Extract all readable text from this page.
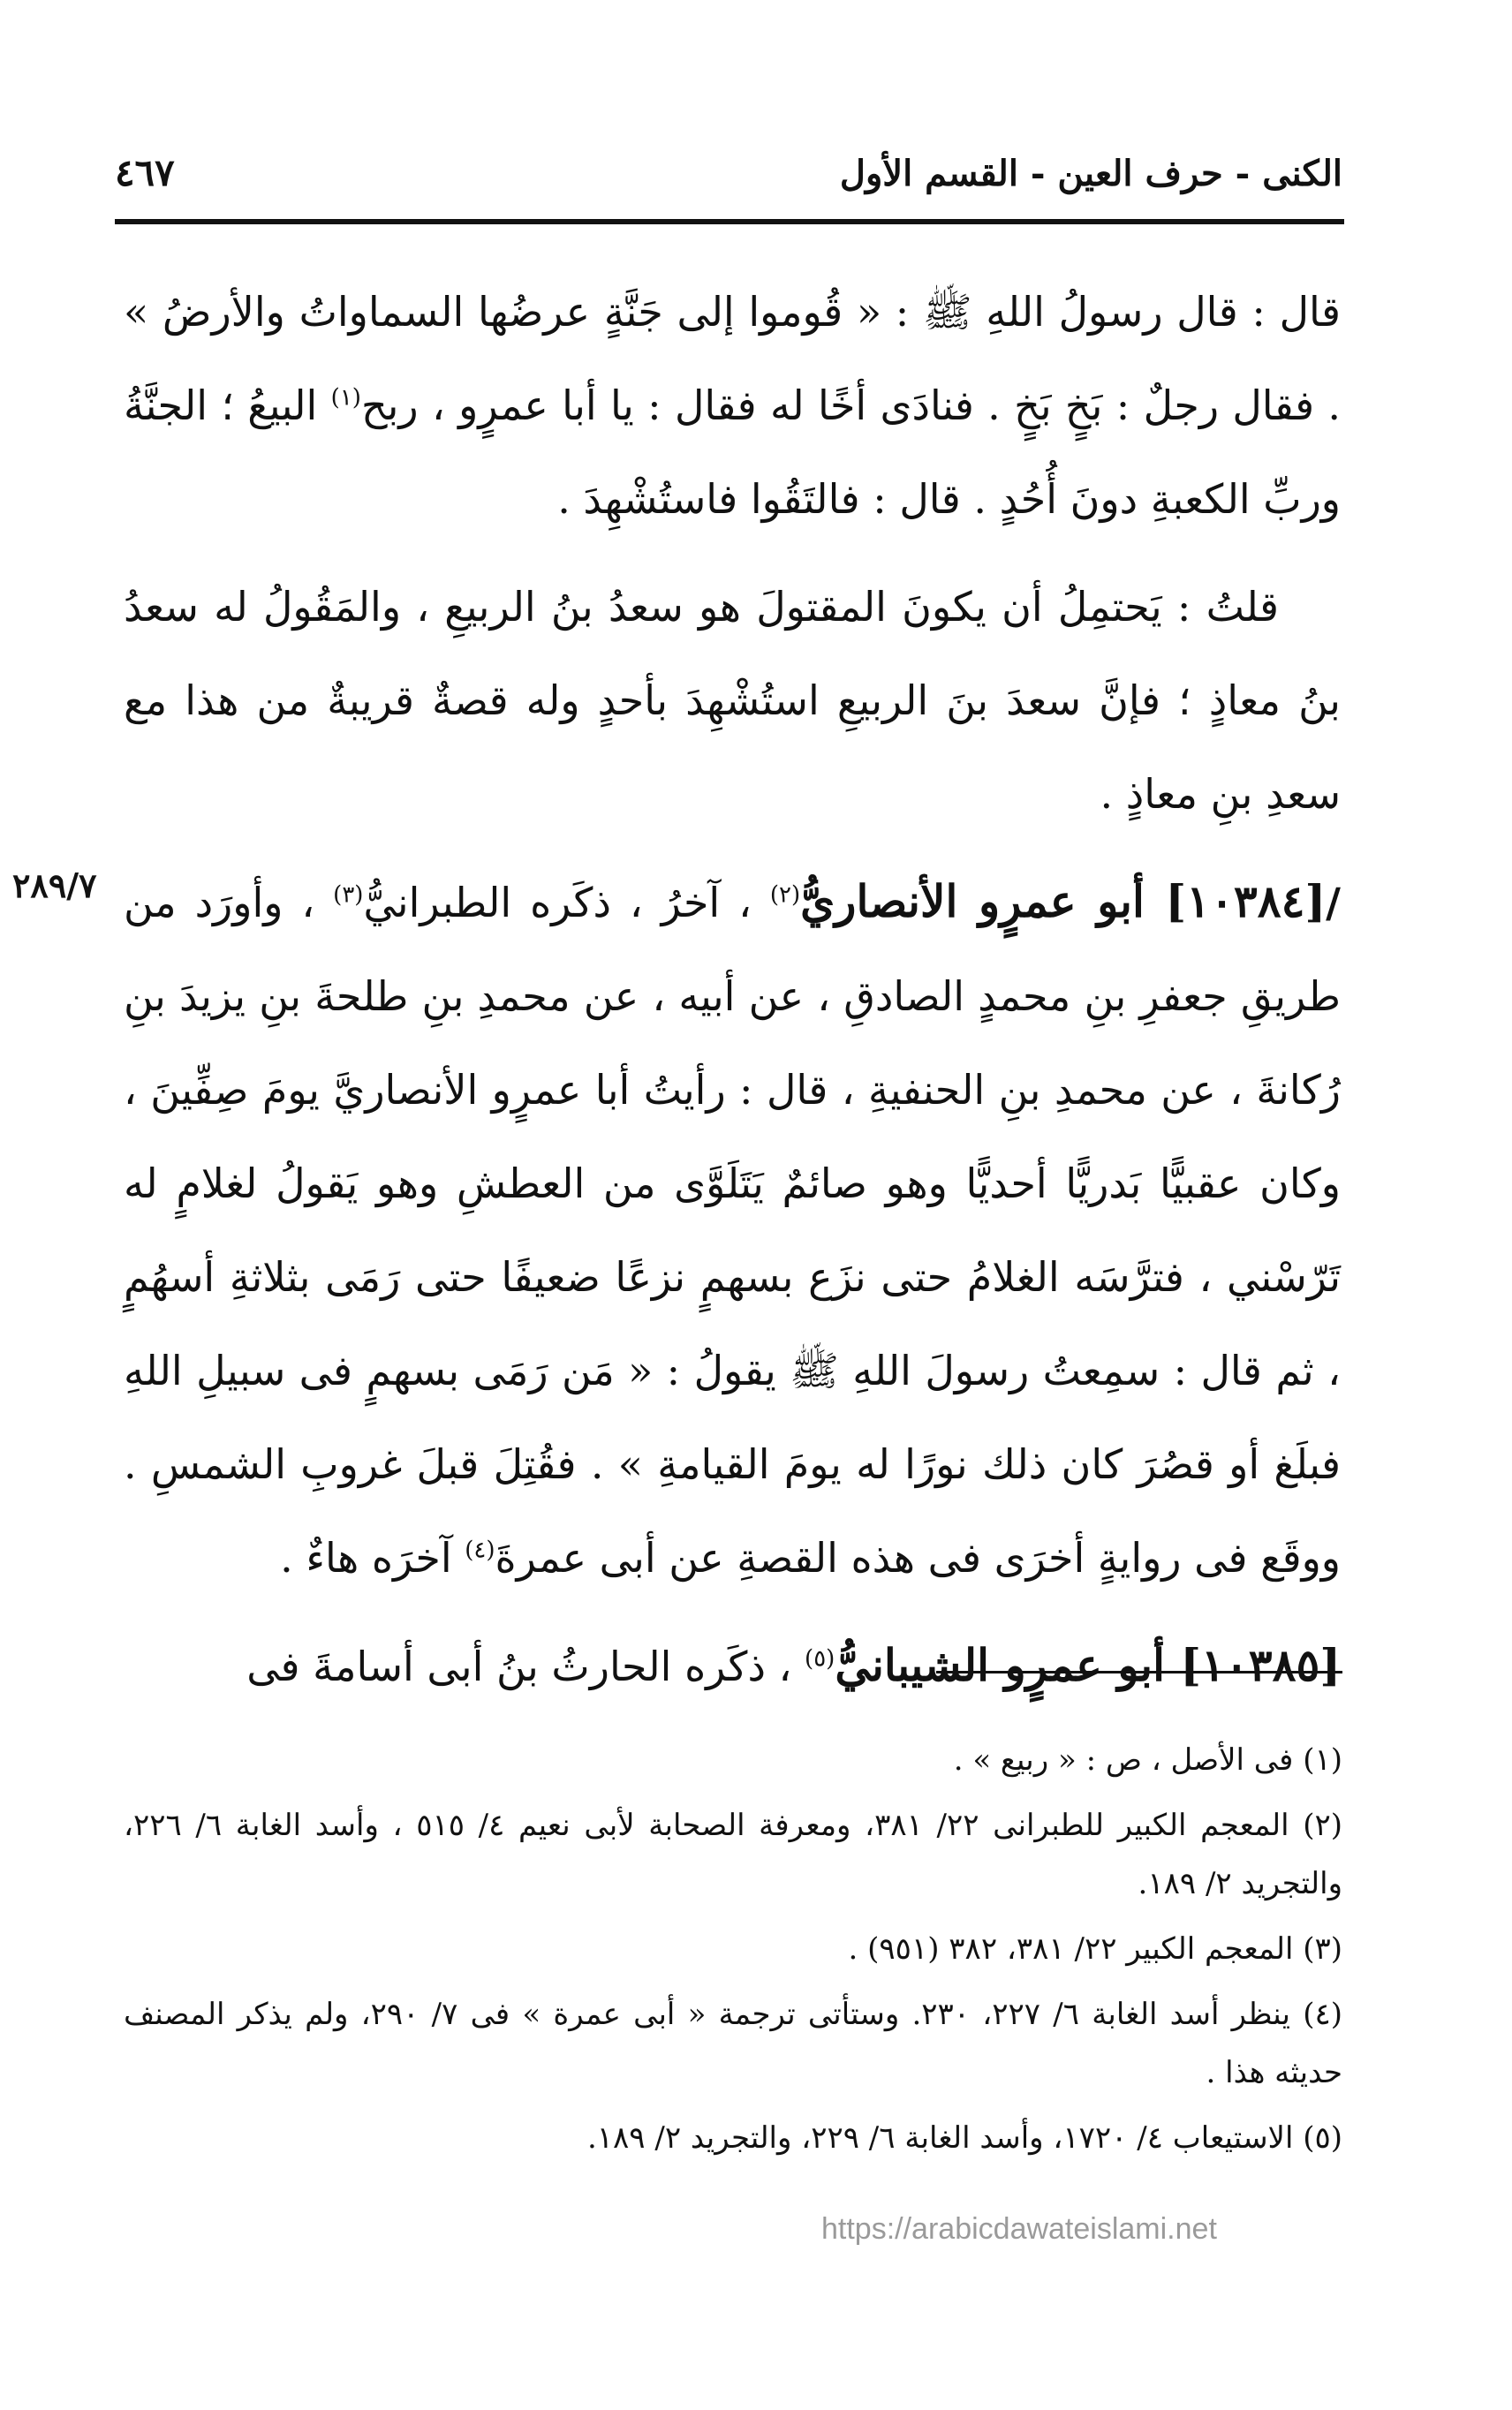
الكنى - حرف العين - القسم الأول
٤٦٧

قال : قال رسولُ اللهِ ﷺ : « قُوموا إلى جَنَّةٍ عرضُها السماواتُ والأرضُ » . فقال رجلٌ : بَخٍ بَخٍ . فنادَى أخًا له فقال : يا أبا عمرٍو ، ربح$^{(١)}$ البيعُ ؛ الجنَّةُ وربِّ الكعبةِ دونَ أُحُدٍ . قال : فالتَقُوا فاستُشْهِدَ .

قلتُ : يَحتمِلُ أن يكونَ المقتولَ هو سعدُ بنُ الربيعِ ، والمَقُولُ له سعدُ بنُ معاذٍ ؛ فإنَّ سعدَ بنَ الربيعِ استُشْهِدَ بأحدٍ وله قصةٌ قريبةٌ من هذا مع سعدِ بنِ معاذٍ .

/[١٠٣٨٤] أبو عمرٍو الأنصاريُّ$^{(٢)}$ ، آخرُ ، ذكَره الطبرانيُّ$^{(٣)}$ ، وأورَد من طريقِ جعفرِ بنِ محمدٍ الصادقِ ، عن أبيه ، عن محمدِ بنِ طلحةَ بنِ يزيدَ بنِ رُكانةَ ، عن محمدِ بنِ الحنفيةِ ، قال : رأيتُ أبا عمرٍو الأنصاريَّ يومَ صِفِّينَ ، وكان عقبيًّا بَدريًّا أحديًّا وهو صائمٌ يَتَلَوَّى من العطشِ وهو يَقولُ لغلامٍ له تَرّسْني ، فترَّسَه الغلامُ حتى نزَع بسهمٍ نزعًا ضعيفًا حتى رَمَى بثلاثةِ أسهُمٍ ، ثم قال : سمِعتُ رسولَ اللهِ ﷺ يقولُ : « مَن رَمَى بسهمٍ فى سبيلِ اللهِ فبلَغ أو قصُرَ كان ذلك نورًا له يومَ القيامةِ » . فقُتِلَ قبلَ غروبِ الشمسِ . ووقَع فى روايةٍ أخرَى فى هذه القصةِ عن أبى عمرةَ$^{(٤)}$ آخرَه هاءٌ .

[١٠٣٨٥] أبو عمرٍو الشيبانيُّ$^{(٥)}$ ، ذكَره الحارثُ بنُ أبى أسامةَ فى

٢٨٩/٧
(١) فى الأصل ، ص : « ربيع » .
(٢) المعجم الكبير للطبرانى ٢٢/ ٣٨١، ومعرفة الصحابة لأبى نعيم ٤/ ٥١٥ ، وأسد الغابة ٦/ ٢٢٦، والتجريد ٢/ ١٨٩.
(٣) المعجم الكبير ٢٢/ ٣٨١، ٣٨٢ (٩٥١) .
(٤) ينظر أسد الغابة ٦/ ٢٢٧، ٢٣٠. وستأتى ترجمة « أبى عمرة » فى ٧/ ٢٩٠، ولم يذكر المصنف حديثه هذا .
(٥) الاستيعاب ٤/ ١٧٢٠، وأسد الغابة ٦/ ٢٢٩، والتجريد ٢/ ١٨٩.
https://arabicdawateislami.net
